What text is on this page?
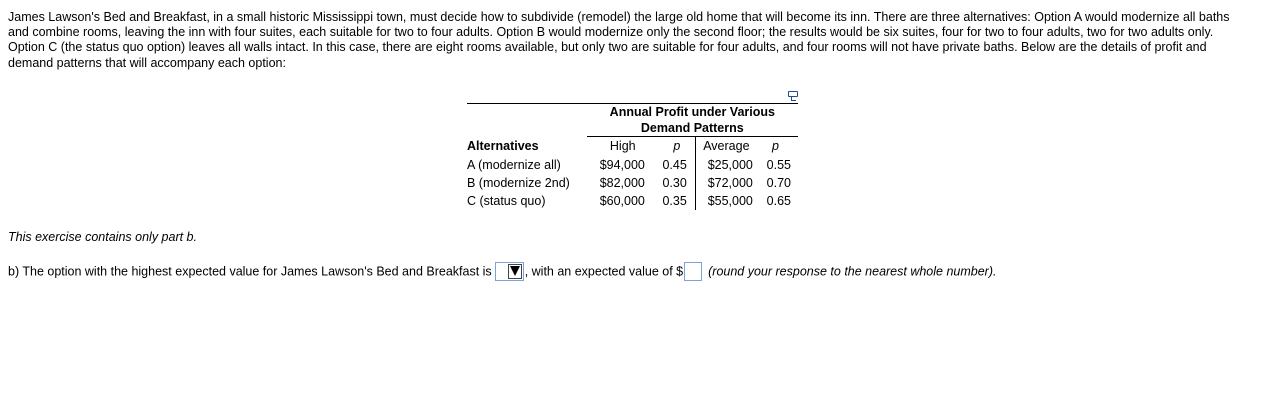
James Lawson's Bed and Breakfast, in a small historic Mississippi town, must decide how to subdivide (remodel) the large old home that will become its inn. There are three alternatives: Option A would modernize all baths and combine rooms, leaving the inn with four suites, each suitable for two to four adults. Option B would modernize only the second floor; the results would be six suites, four for two to four adults, two for two adults only. Option C (the status quo option) leaves all walls intact. In this case, there are eight rooms available, but only two are suitable for four adults, and four rooms will not have private baths. Below are the details of profit and demand patterns that will accompany each option:

	Annual Profit under Various			
	Demand Patterns			
Alternatives	High	p	Average	p
A (modernize all)	$94,000	0.45	$25,000	0.55
B (modernize 2nd)	$82,000	0.30	$72,000	0.70
C (status quo)	$60,000	0.35	$55,000	0.65
This exercise contains only part b.
b) The option with the highest expected value for James Lawson's Bed and Breakfast is	, with an expected value of $ (round your response to the nearest whole number).
